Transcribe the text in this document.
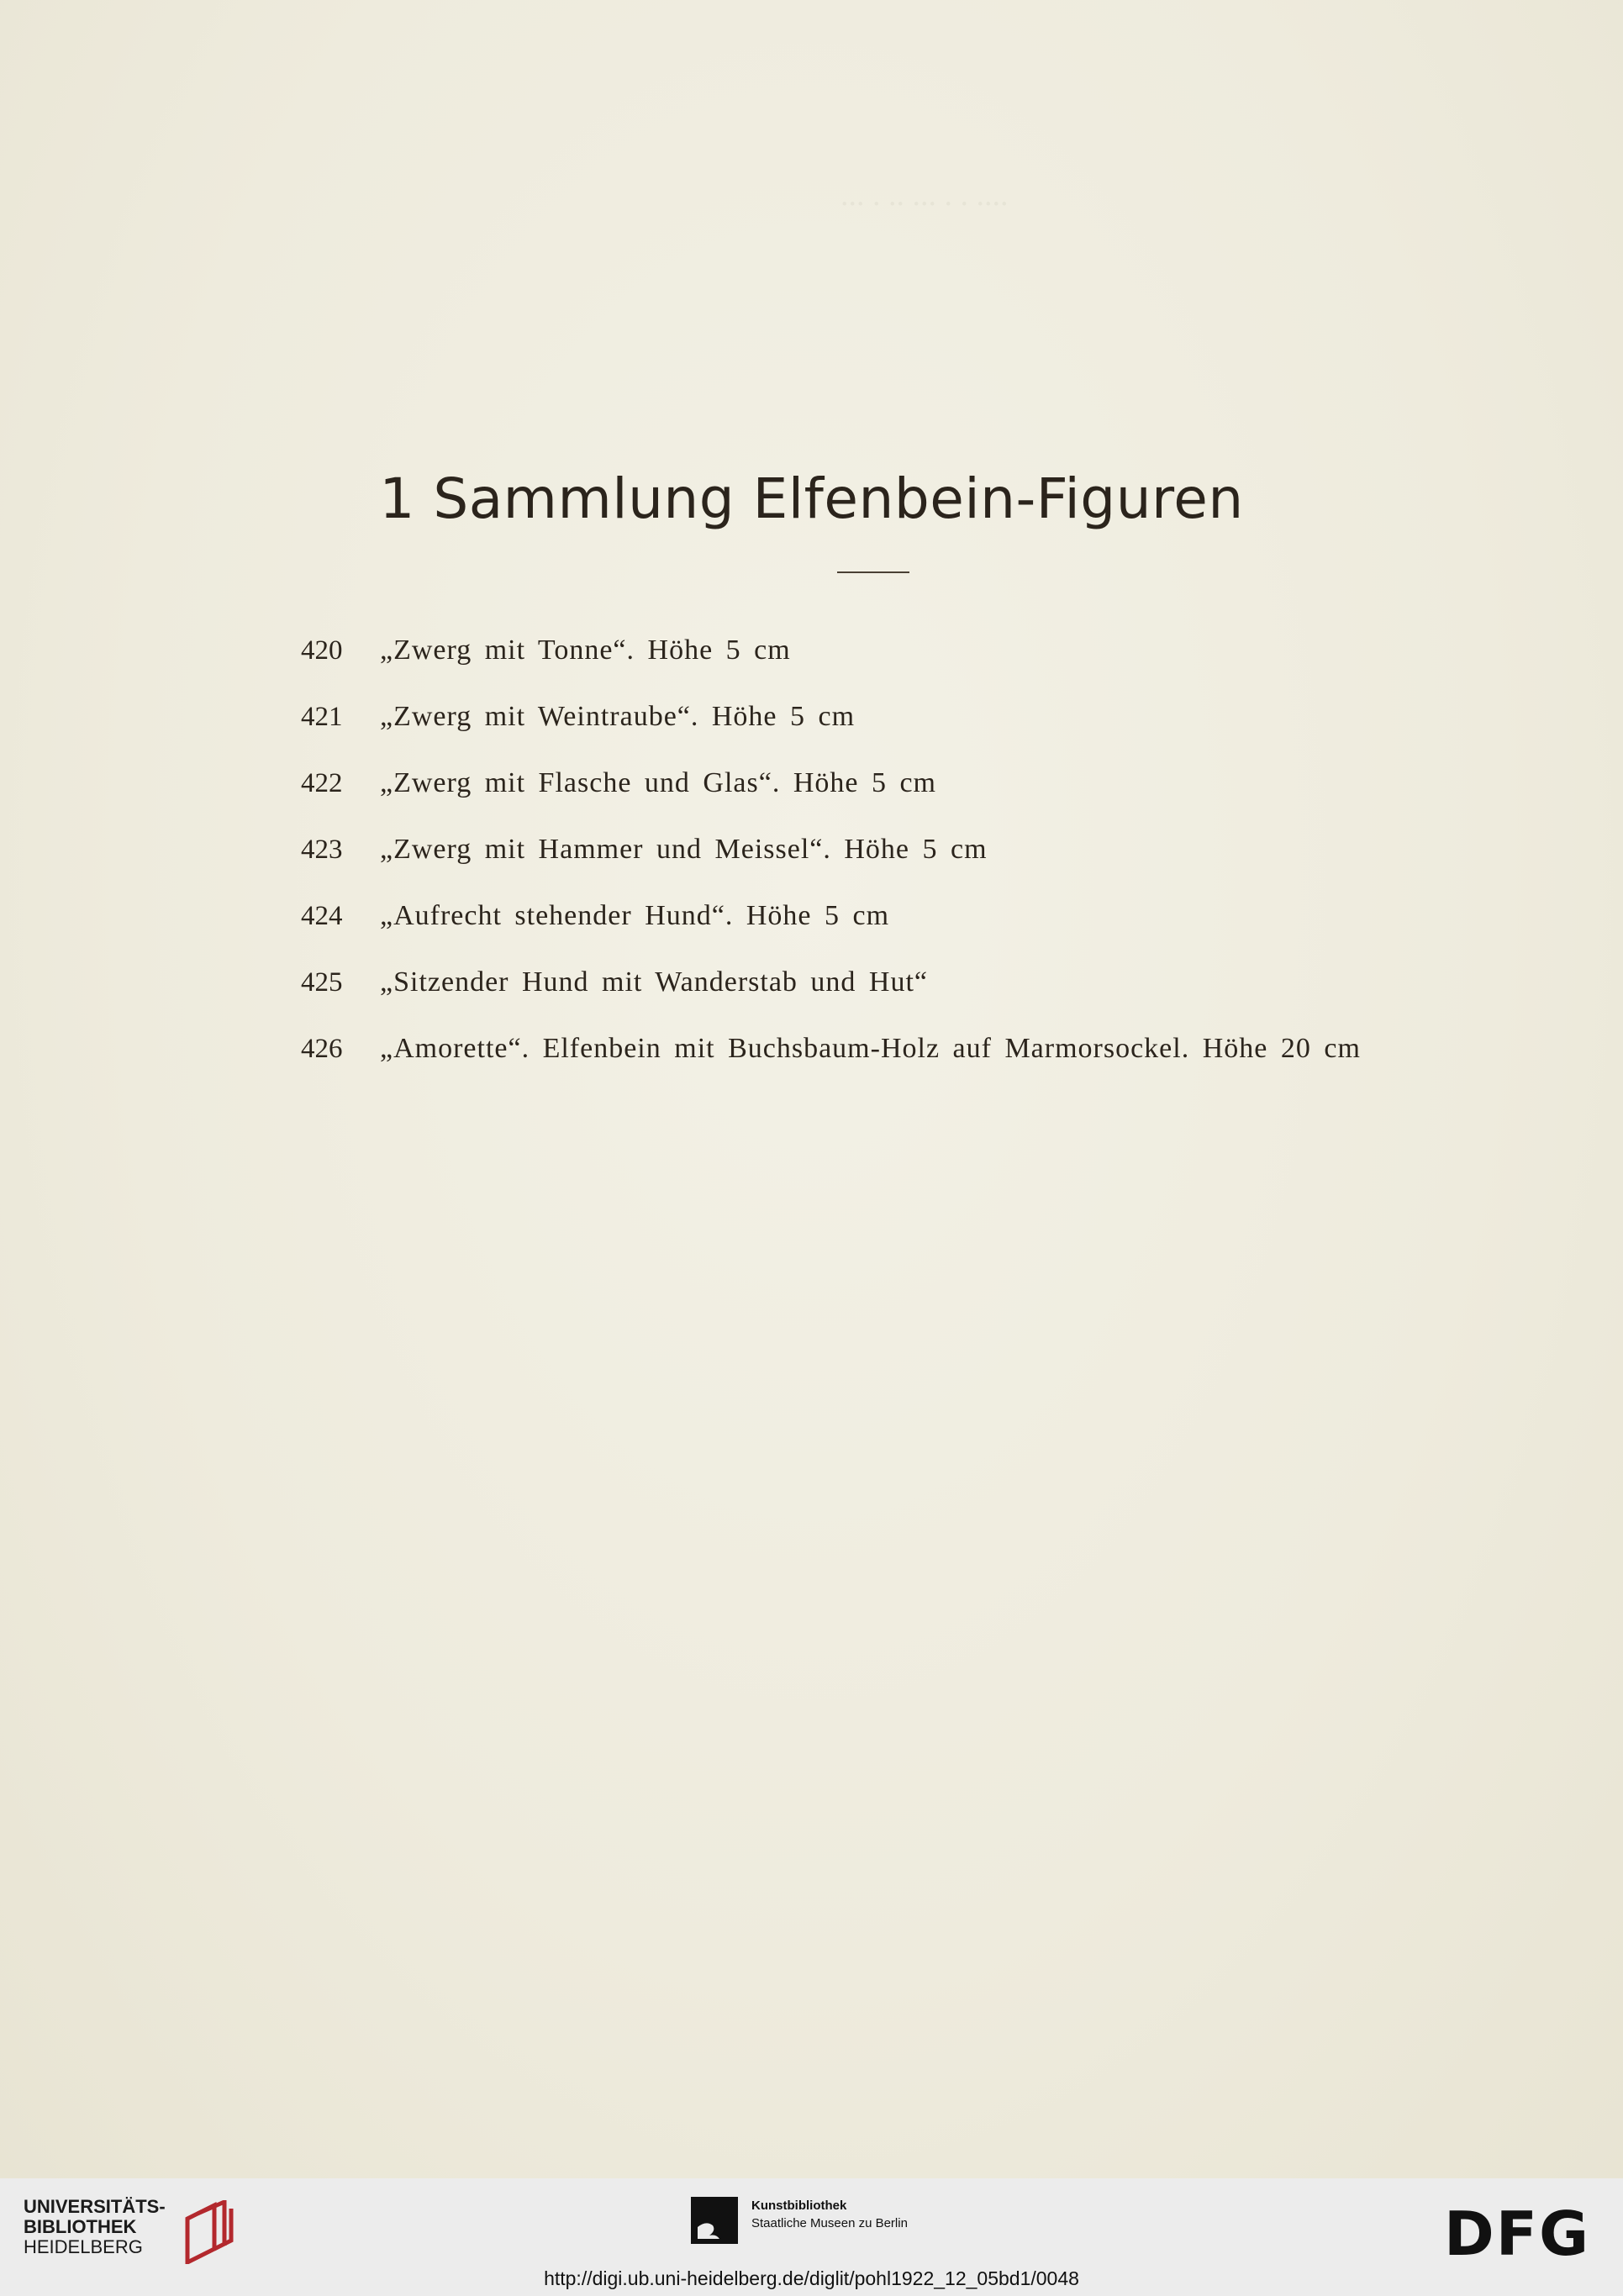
.... . . ... .. . ...
1 Sammlung Elfenbein-Figuren
420	„Zwerg mit Tonne“. Höhe 5 cm
421	„Zwerg mit Weintraube“. Höhe 5 cm
422	„Zwerg mit Flasche und Glas“. Höhe 5 cm
423	„Zwerg mit Hammer und Meissel“. Höhe 5 cm
424	„Aufrecht stehender Hund“. Höhe 5 cm
425	„Sitzender Hund mit Wanderstab und Hut“
426	„Amorette“. Elfenbein mit Buchsbaum-Holz auf Marmorsockel. Höhe 20 cm
UNIVERSITÄTS-
BIBLIOTHEK
HEIDELBERG
Kunstbibliothek
Staatliche Museen zu Berlin	DFG
http://digi.ub.uni-heidelberg.de/diglit/pohl1922_12_05bd1/0048
